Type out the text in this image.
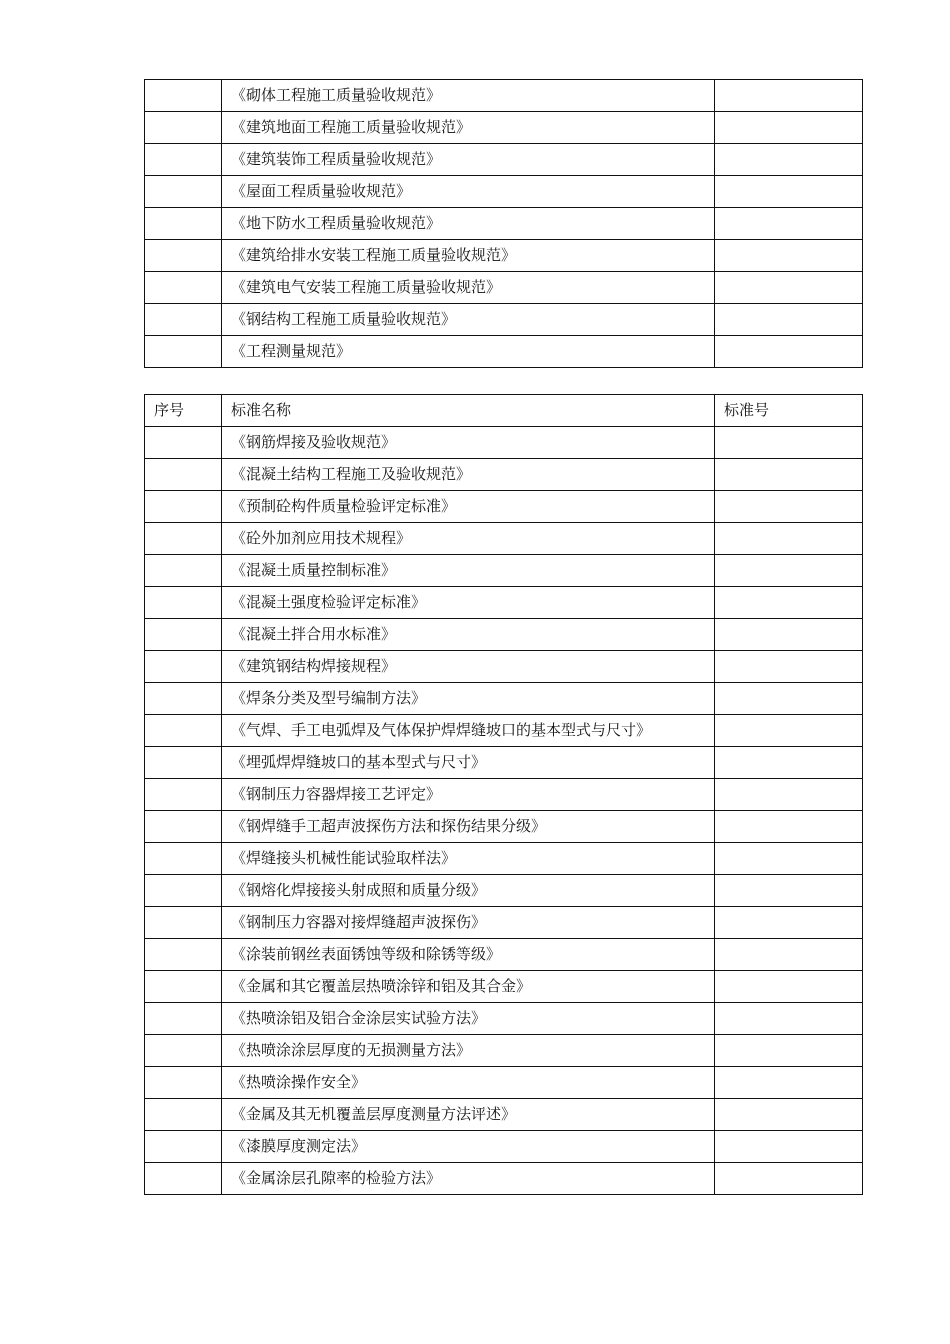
	《砌体工程施工质量验收规范》	
	《建筑地面工程施工质量验收规范》	
	《建筑装饰工程质量验收规范》	
	《屋面工程质量验收规范》	
	《地下防水工程质量验收规范》	
	《建筑给排水安装工程施工质量验收规范》	
	《建筑电气安装工程施工质量验收规范》	
	《钢结构工程施工质量验收规范》	
	《工程测量规范》	
序号	标准名称	标准号
	《钢筋焊接及验收规范》	
	《混凝土结构工程施工及验收规范》	
	《预制砼构件质量检验评定标准》	
	《砼外加剂应用技术规程》	
	《混凝土质量控制标准》	
	《混凝土强度检验评定标准》	
	《混凝土拌合用水标准》	
	《建筑钢结构焊接规程》	
	《焊条分类及型号编制方法》	
	《气焊、手工电弧焊及气体保护焊焊缝坡口的基本型式与尺寸》	
	《埋弧焊焊缝坡口的基本型式与尺寸》	
	《钢制压力容器焊接工艺评定》	
	《钢焊缝手工超声波探伤方法和探伤结果分级》	
	《焊缝接头机械性能试验取样法》	
	《钢熔化焊接接头射成照和质量分级》	
	《钢制压力容器对接焊缝超声波探伤》	
	《涂装前钢丝表面锈蚀等级和除锈等级》	
	《金属和其它覆盖层热喷涂锌和铝及其合金》	
	《热喷涂铝及铝合金涂层实试验方法》	
	《热喷涂涂层厚度的无损测量方法》	
	《热喷涂操作安全》	
	《金属及其无机覆盖层厚度测量方法评述》	
	《漆膜厚度测定法》	
	《金属涂层孔隙率的检验方法》	
